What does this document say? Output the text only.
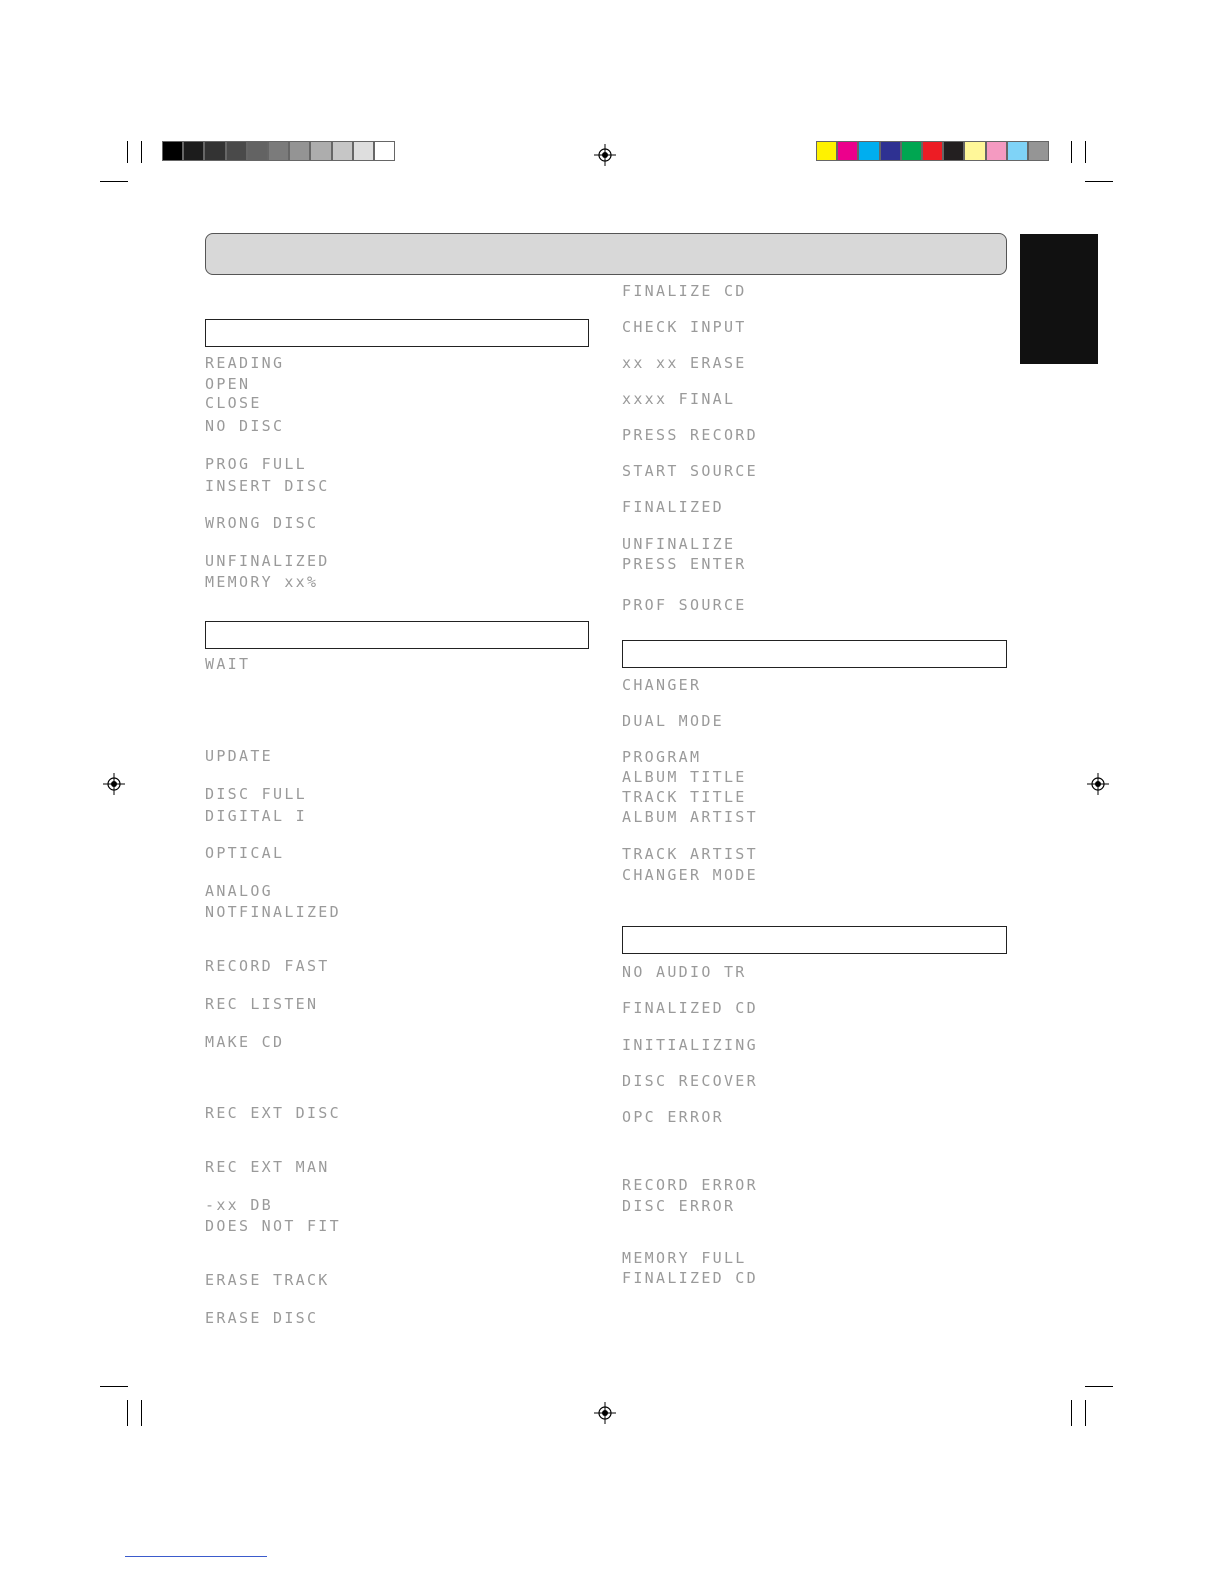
READING
OPEN
CLOSE
NO DISC
PROG FULL
INSERT DISC
WRONG DISC
UNFINALIZED
MEMORY xx%
WAIT
UPDATE
DISC FULL
DIGITAL I
OPTICAL
ANALOG
NOTFINALIZED
RECORD FAST
REC LISTEN
MAKE CD
REC EXT DISC
REC EXT MAN
-xx DB
DOES NOT FIT
ERASE TRACK
ERASE DISC
FINALIZE CD
CHECK INPUT
xx xx ERASE
xxxx FINAL
PRESS RECORD
START SOURCE
FINALIZED
UNFINALIZE
PRESS ENTER
PROF SOURCE
CHANGER
DUAL MODE
PROGRAM
ALBUM TITLE
TRACK TITLE
ALBUM ARTIST
TRACK ARTIST
CHANGER MODE
NO AUDIO TR
FINALIZED CD
INITIALIZING
DISC RECOVER
OPC ERROR
RECORD ERROR
DISC ERROR
MEMORY FULL
FINALIZED CD
